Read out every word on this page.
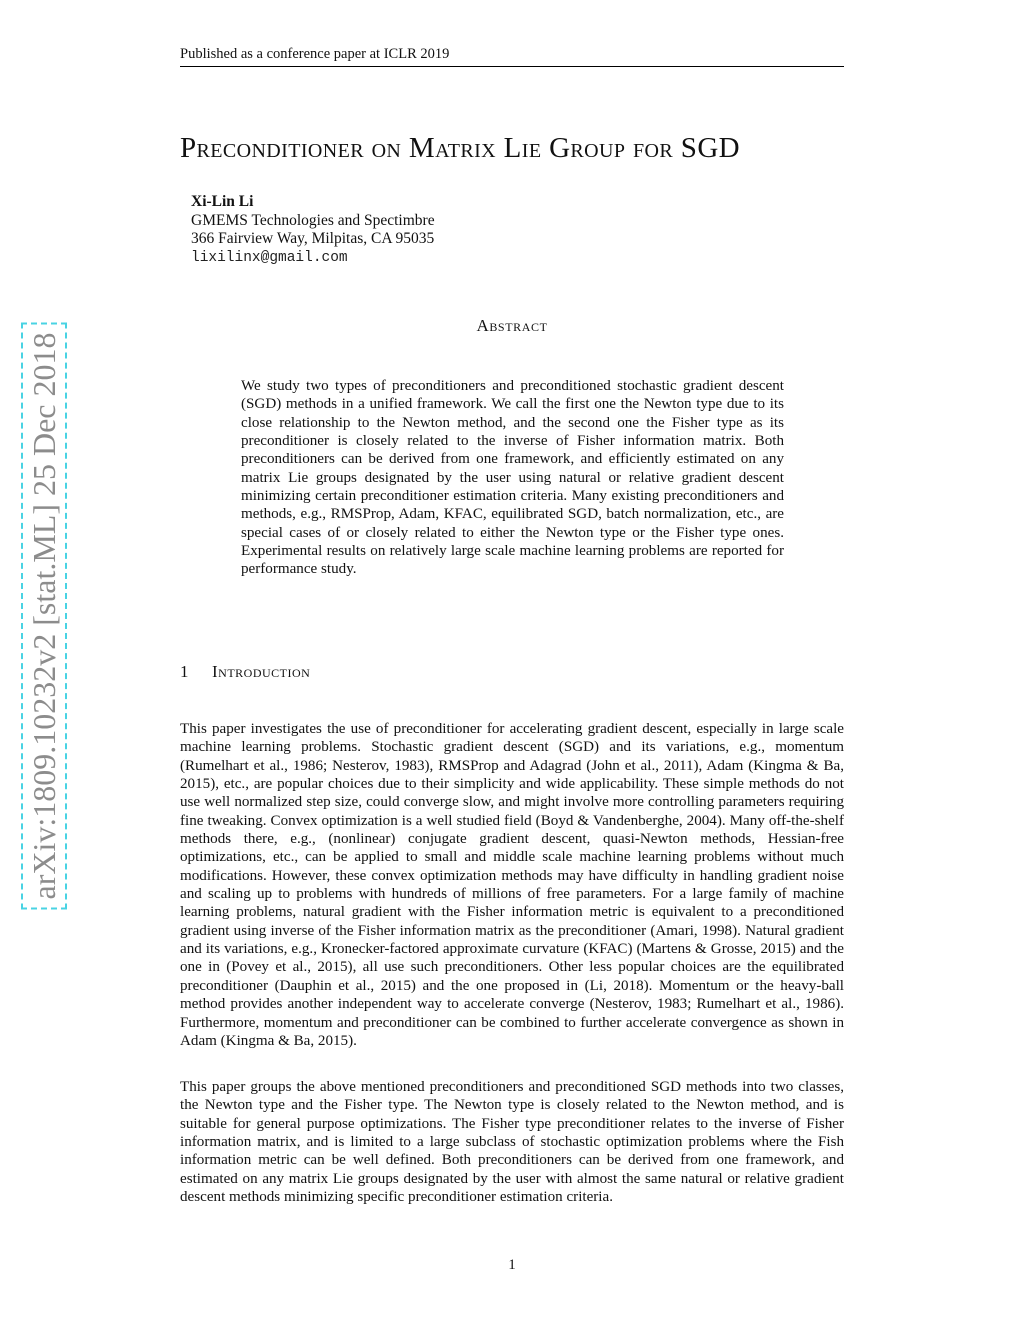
Published as a conference paper at ICLR 2019
Preconditioner on Matrix Lie Group for SGD
Xi-Lin Li
GMEMS Technologies and Spectimbre
366 Fairview Way, Milpitas, CA 95035
lixilinx@gmail.com
Abstract

We study two types of preconditioners and preconditioned stochastic gradient descent (SGD) methods in a unified framework. We call the first one the Newton type due to its close relationship to the Newton method, and the second one the Fisher type as its preconditioner is closely related to the inverse of Fisher information matrix. Both preconditioners can be derived from one framework, and efficiently estimated on any matrix Lie groups designated by the user using natural or relative gradient descent minimizing certain preconditioner estimation criteria. Many existing preconditioners and methods, e.g., RMSProp, Adam, KFAC, equilibrated SGD, batch normalization, etc., are special cases of or closely related to either the Newton type or the Fisher type ones. Experimental results on relatively large scale machine learning problems are reported for performance study.

1 Introduction

This paper investigates the use of preconditioner for accelerating gradient descent, especially in large scale machine learning problems. Stochastic gradient descent (SGD) and its variations, e.g., momentum (Rumelhart et al., 1986; Nesterov, 1983), RMSProp and Adagrad (John et al., 2011), Adam (Kingma & Ba, 2015), etc., are popular choices due to their simplicity and wide applicability. These simple methods do not use well normalized step size, could converge slow, and might involve more controlling parameters requiring fine tweaking. Convex optimization is a well studied field (Boyd & Vandenberghe, 2004). Many off-the-shelf methods there, e.g., (nonlinear) conjugate gradient descent, quasi-Newton methods, Hessian-free optimizations, etc., can be applied to small and middle scale machine learning problems without much modifications. However, these convex optimization methods may have difficulty in handling gradient noise and scaling up to problems with hundreds of millions of free parameters. For a large family of machine learning problems, natural gradient with the Fisher information metric is equivalent to a preconditioned gradient using inverse of the Fisher information matrix as the preconditioner (Amari, 1998). Natural gradient and its variations, e.g., Kronecker-factored approximate curvature (KFAC) (Martens & Grosse, 2015) and the one in (Povey et al., 2015), all use such preconditioners. Other less popular choices are the equilibrated preconditioner (Dauphin et al., 2015) and the one proposed in (Li, 2018). Momentum or the heavy-ball method provides another independent way to accelerate converge (Nesterov, 1983; Rumelhart et al., 1986). Furthermore, momentum and preconditioner can be combined to further accelerate convergence as shown in Adam (Kingma & Ba, 2015).

This paper groups the above mentioned preconditioners and preconditioned SGD methods into two classes, the Newton type and the Fisher type. The Newton type is closely related to the Newton method, and is suitable for general purpose optimizations. The Fisher type preconditioner relates to the inverse of Fisher information matrix, and is limited to a large subclass of stochastic optimization problems where the Fish information metric can be well defined. Both preconditioners can be derived from one framework, and estimated on any matrix Lie groups designated by the user with almost the same natural or relative gradient descent methods minimizing specific preconditioner estimation criteria.

1
arXiv:1809.10232v2 [stat.ML] 25 Dec 2018
